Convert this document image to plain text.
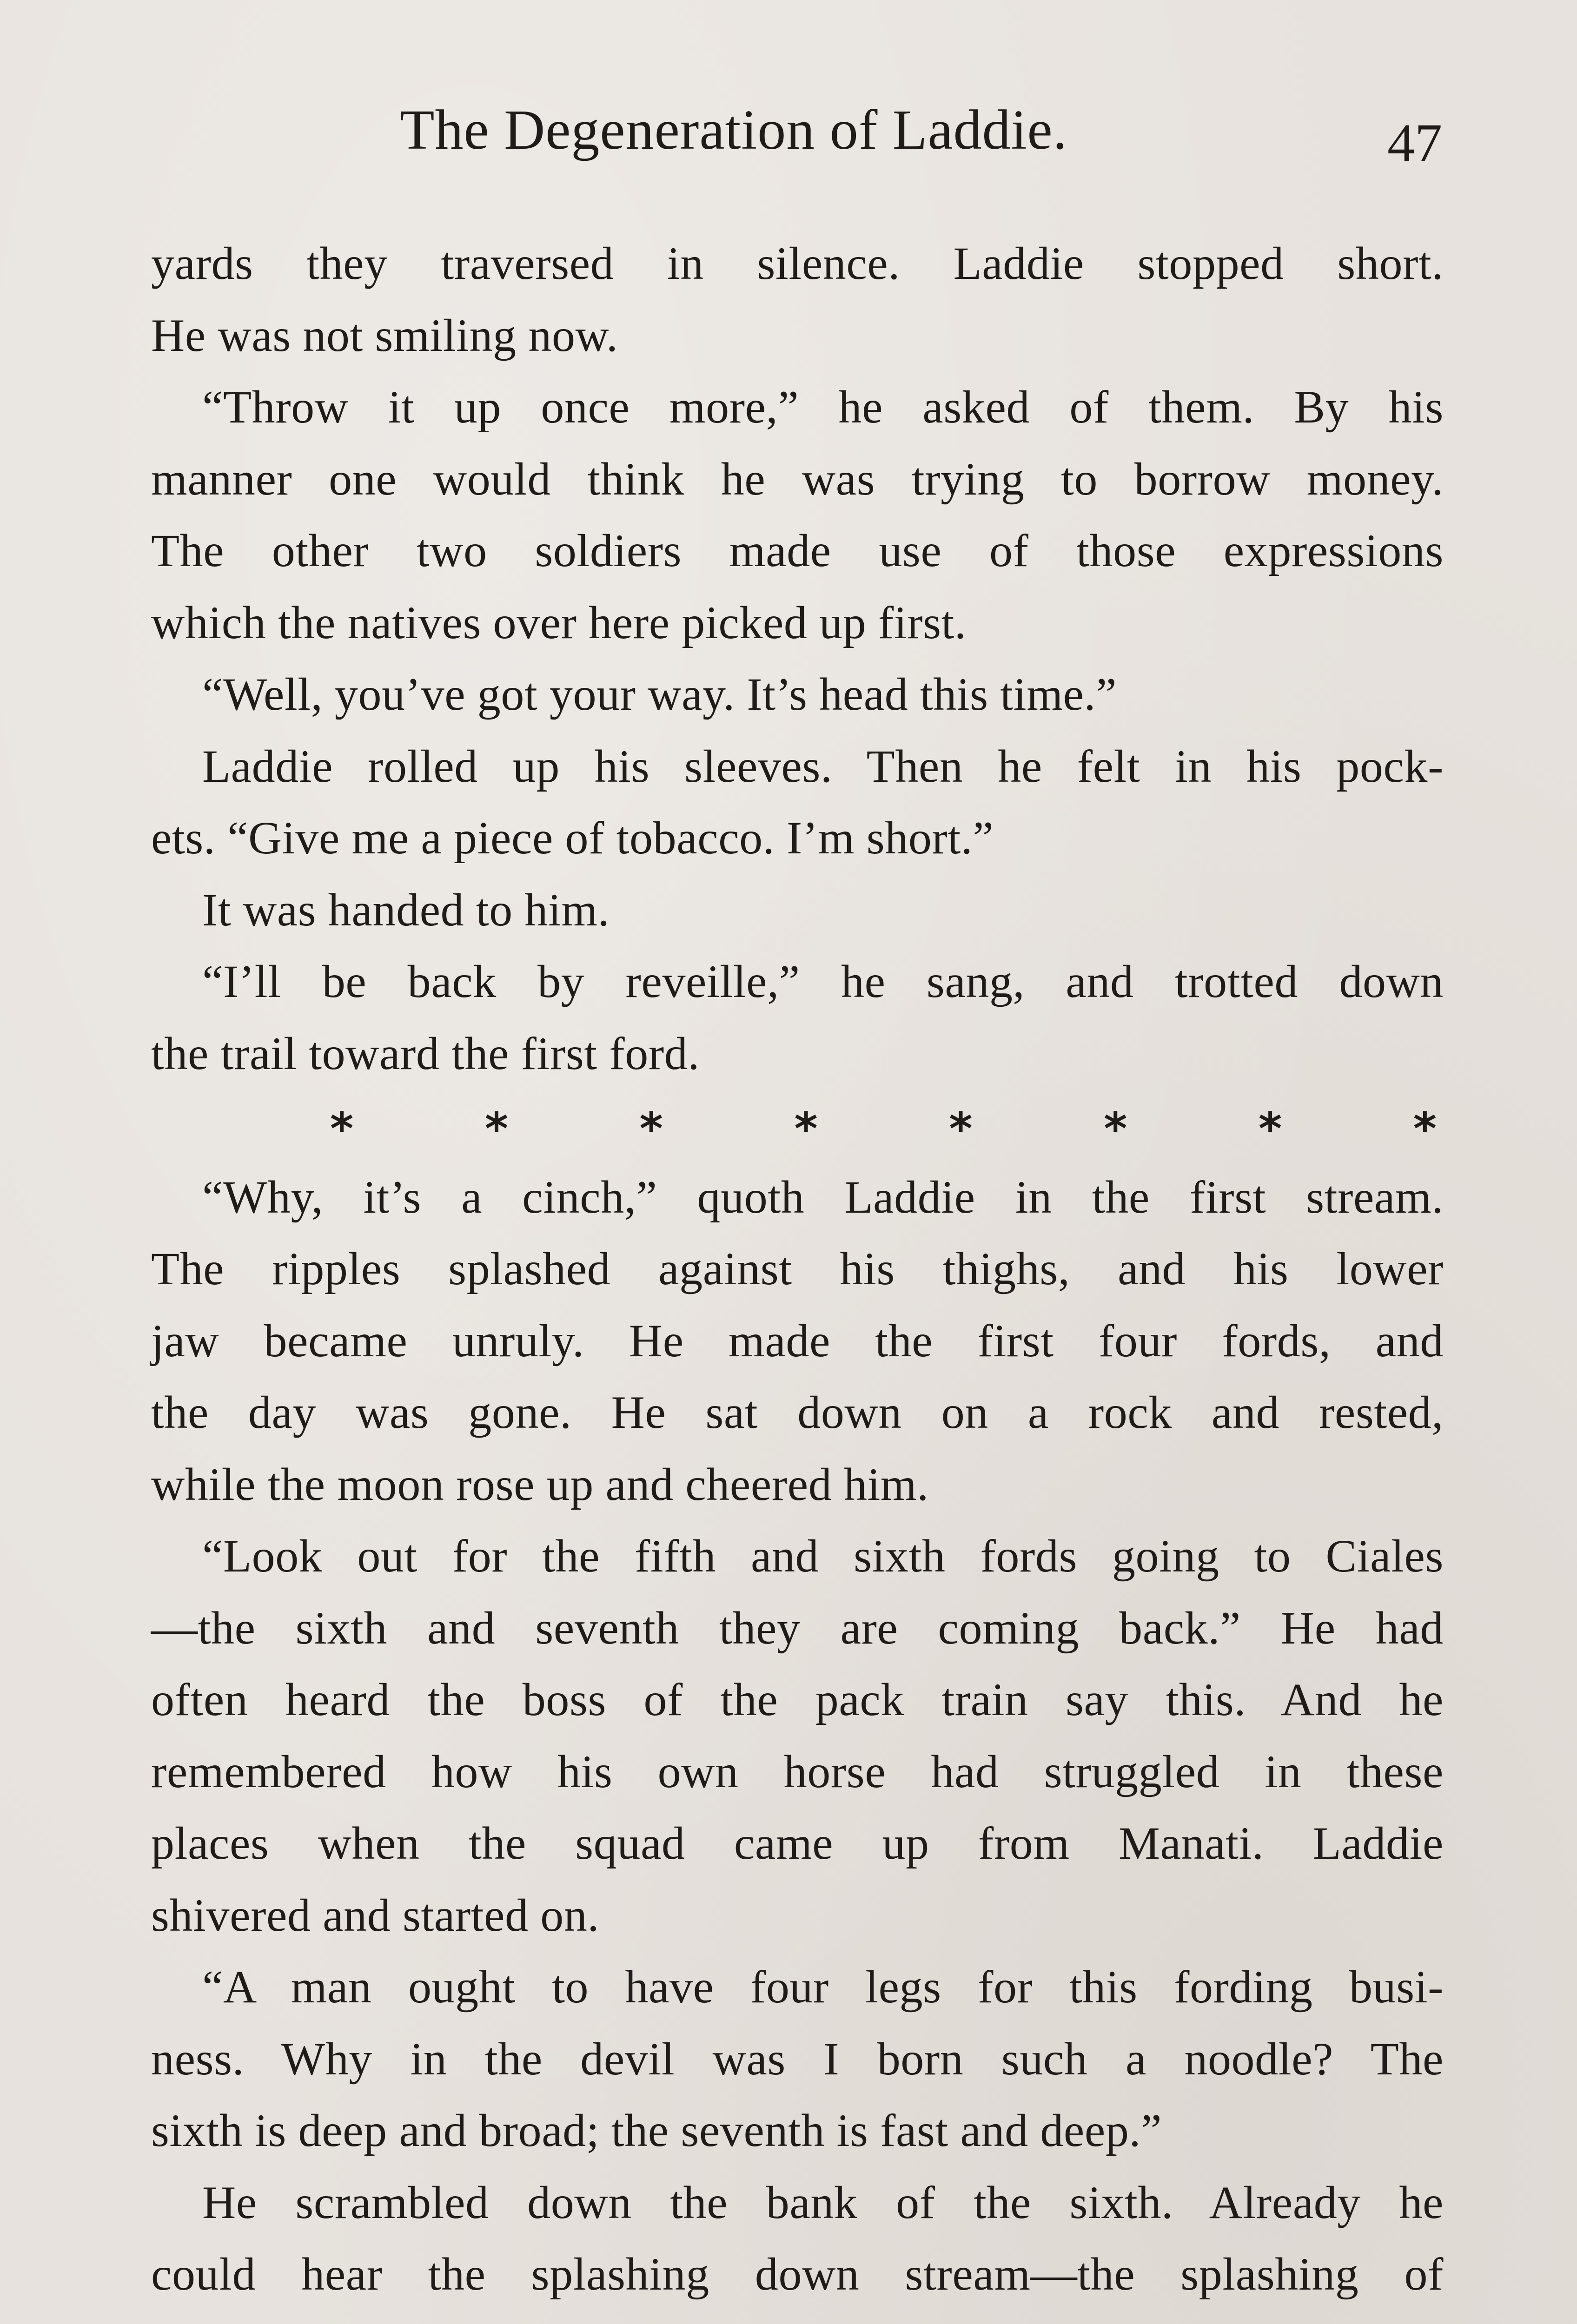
The Degeneration of Laddie.	47
yards they traversed in silence. Laddie stopped short.
He was not smiling now.
“Throw it up once more,” he asked of them. By his
manner one would think he was trying to borrow money.
The other two soldiers made use of those expressions
which the natives over here picked up first.
“Well, you’ve got your way. It’s head this time.”
Laddie rolled up his sleeves. Then he felt in his pock-
ets. “Give me a piece of tobacco. I’m short.”
It was handed to him.
“I’ll be back by reveille,” he sang, and trotted down
the trail toward the first ford.
* * * * * * * *
“Why, it’s a cinch,” quoth Laddie in the first stream.
The ripples splashed against his thighs, and his lower
jaw became unruly. He made the first four fords, and
the day was gone. He sat down on a rock and rested,
while the moon rose up and cheered him.
“Look out for the fifth and sixth fords going to Ciales
—the sixth and seventh they are coming back.” He had
often heard the boss of the pack train say this. And he
remembered how his own horse had struggled in these
places when the squad came up from Manati. Laddie
shivered and started on.
“A man ought to have four legs for this fording busi-
ness. Why in the devil was I born such a noodle? The
sixth is deep and broad; the seventh is fast and deep.”
He scrambled down the bank of the sixth. Already he
could hear the splashing down stream—the splashing of
